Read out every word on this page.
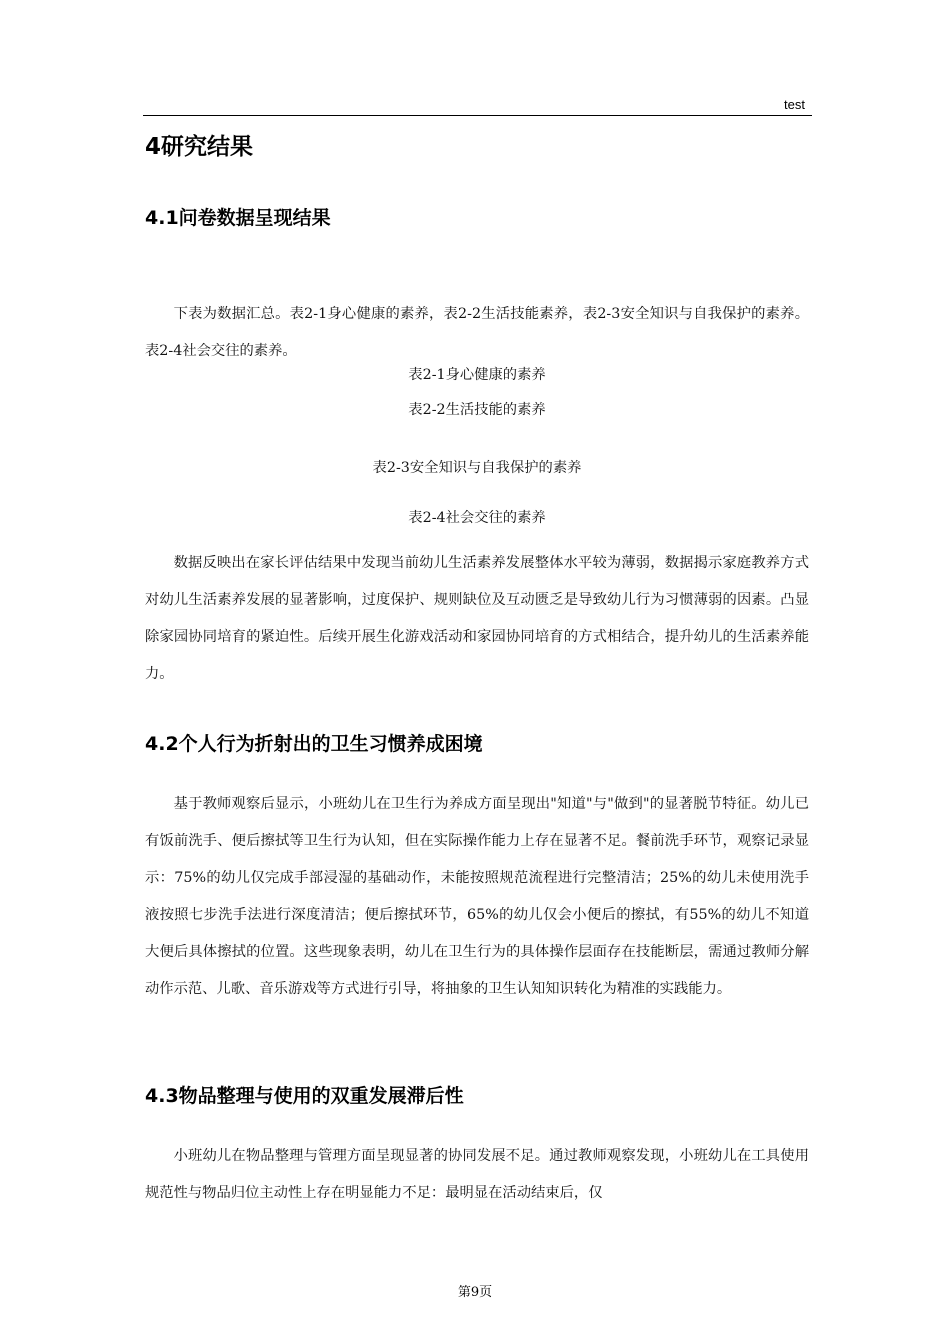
test
4研究结果
4.1问卷数据呈现结果

下表为数据汇总。表2-1身心健康的素养，表2-2生活技能素养，表2-3安全知识与自我保护的素养。表2-4社会交往的素养。

表2-1身心健康的素养

表2-2生活技能的素养

表2-3安全知识与自我保护的素养

表2-4社会交往的素养

数据反映出在家长评估结果中发现当前幼儿生活素养发展整体水平较为薄弱，数据揭示家庭教养方式对幼儿生活素养发展的显著影响，过度保护、规则缺位及互动匮乏是导致幼儿行为习惯薄弱的因素。凸显除家园协同培育的紧迫性。后续开展生化游戏活动和家园协同培育的方式相结合，提升幼儿的生活素养能力。

4.2个人行为折射出的卫生习惯养成困境

基于教师观察后显示，小班幼儿在卫生行为养成方面呈现出"知道"与"做到"的显著脱节特征。幼儿已有饭前洗手、便后擦拭等卫生行为认知，但在实际操作能力上存在显著不足。餐前洗手环节，观察记录显示：75%的幼儿仅完成手部浸湿的基础动作，未能按照规范流程进行完整清洁；25%的幼儿未使用洗手液按照七步洗手法进行深度清洁；便后擦拭环节，65%的幼儿仅会小便后的擦拭，有55%的幼儿不知道大便后具体擦拭的位置。这些现象表明，幼儿在卫生行为的具体操作层面存在技能断层，需通过教师分解动作示范、儿歌、音乐游戏等方式进行引导，将抽象的卫生认知知识转化为精准的实践能力。

4.3物品整理与使用的双重发展滞后性

小班幼儿在物品整理与管理方面呈现显著的协同发展不足。通过教师观察发现，小班幼儿在工具使用规范性与物品归位主动性上存在明显能力不足：最明显在活动结束后，仅

第9页
